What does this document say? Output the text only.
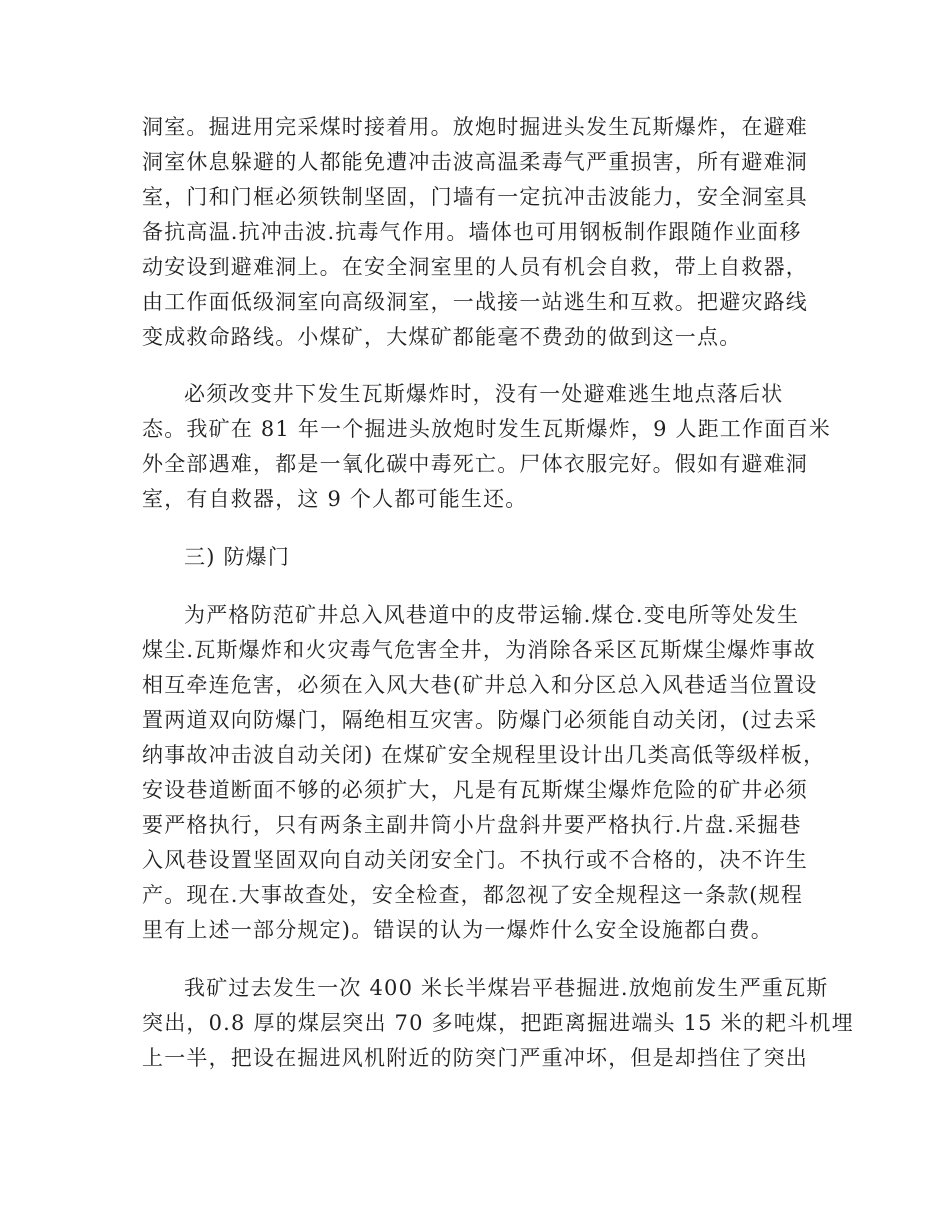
洞室。掘进用完采煤时接着用。放炮时掘进头发生瓦斯爆炸，在避难
洞室休息躲避的人都能免遭冲击波高温柔毒气严重损害，所有避难洞
室，门和门框必须铁制坚固，门墙有一定抗冲击波能力，安全洞室具
备抗高温.抗冲击波.抗毒气作用。墙体也可用钢板制作跟随作业面移
动安设到避难洞上。在安全洞室里的人员有机会自救，带上自救器，
由工作面低级洞室向高级洞室，一战接一站逃生和互救。把避灾路线
变成救命路线。小煤矿，大煤矿都能毫不费劲的做到这一点。
必须改变井下发生瓦斯爆炸时，没有一处避难逃生地点落后状
态。我矿在 81 年一个掘进头放炮时发生瓦斯爆炸，9 人距工作面百米
外全部遇难，都是一氧化碳中毒死亡。尸体衣服完好。假如有避难洞
室，有自救器，这 9 个人都可能生还。
三) 防爆门
为严格防范矿井总入风巷道中的皮带运输.煤仓.变电所等处发生
煤尘.瓦斯爆炸和火灾毒气危害全井，为消除各采区瓦斯煤尘爆炸事故
相互牵连危害，必须在入风大巷(矿井总入和分区总入风巷适当位置设
置两道双向防爆门，隔绝相互灾害。防爆门必须能自动关闭，(过去采
纳事故冲击波自动关闭) 在煤矿安全规程里设计出几类高低等级样板，
安设巷道断面不够的必须扩大，凡是有瓦斯煤尘爆炸危险的矿井必须
要严格执行，只有两条主副井筒小片盘斜井要严格执行.片盘.采掘巷
入风巷设置坚固双向自动关闭安全门。不执行或不合格的，决不许生
产。现在.大事故查处，安全检查，都忽视了安全规程这一条款(规程
里有上述一部分规定)。错误的认为一爆炸什么安全设施都白费。
我矿过去发生一次 400 米长半煤岩平巷掘进.放炮前发生严重瓦斯
突出，0.8 厚的煤层突出 70 多吨煤，把距离掘进端头 15 米的耙斗机埋
上一半，把设在掘进风机附近的防突门严重冲坏，但是却挡住了突出
